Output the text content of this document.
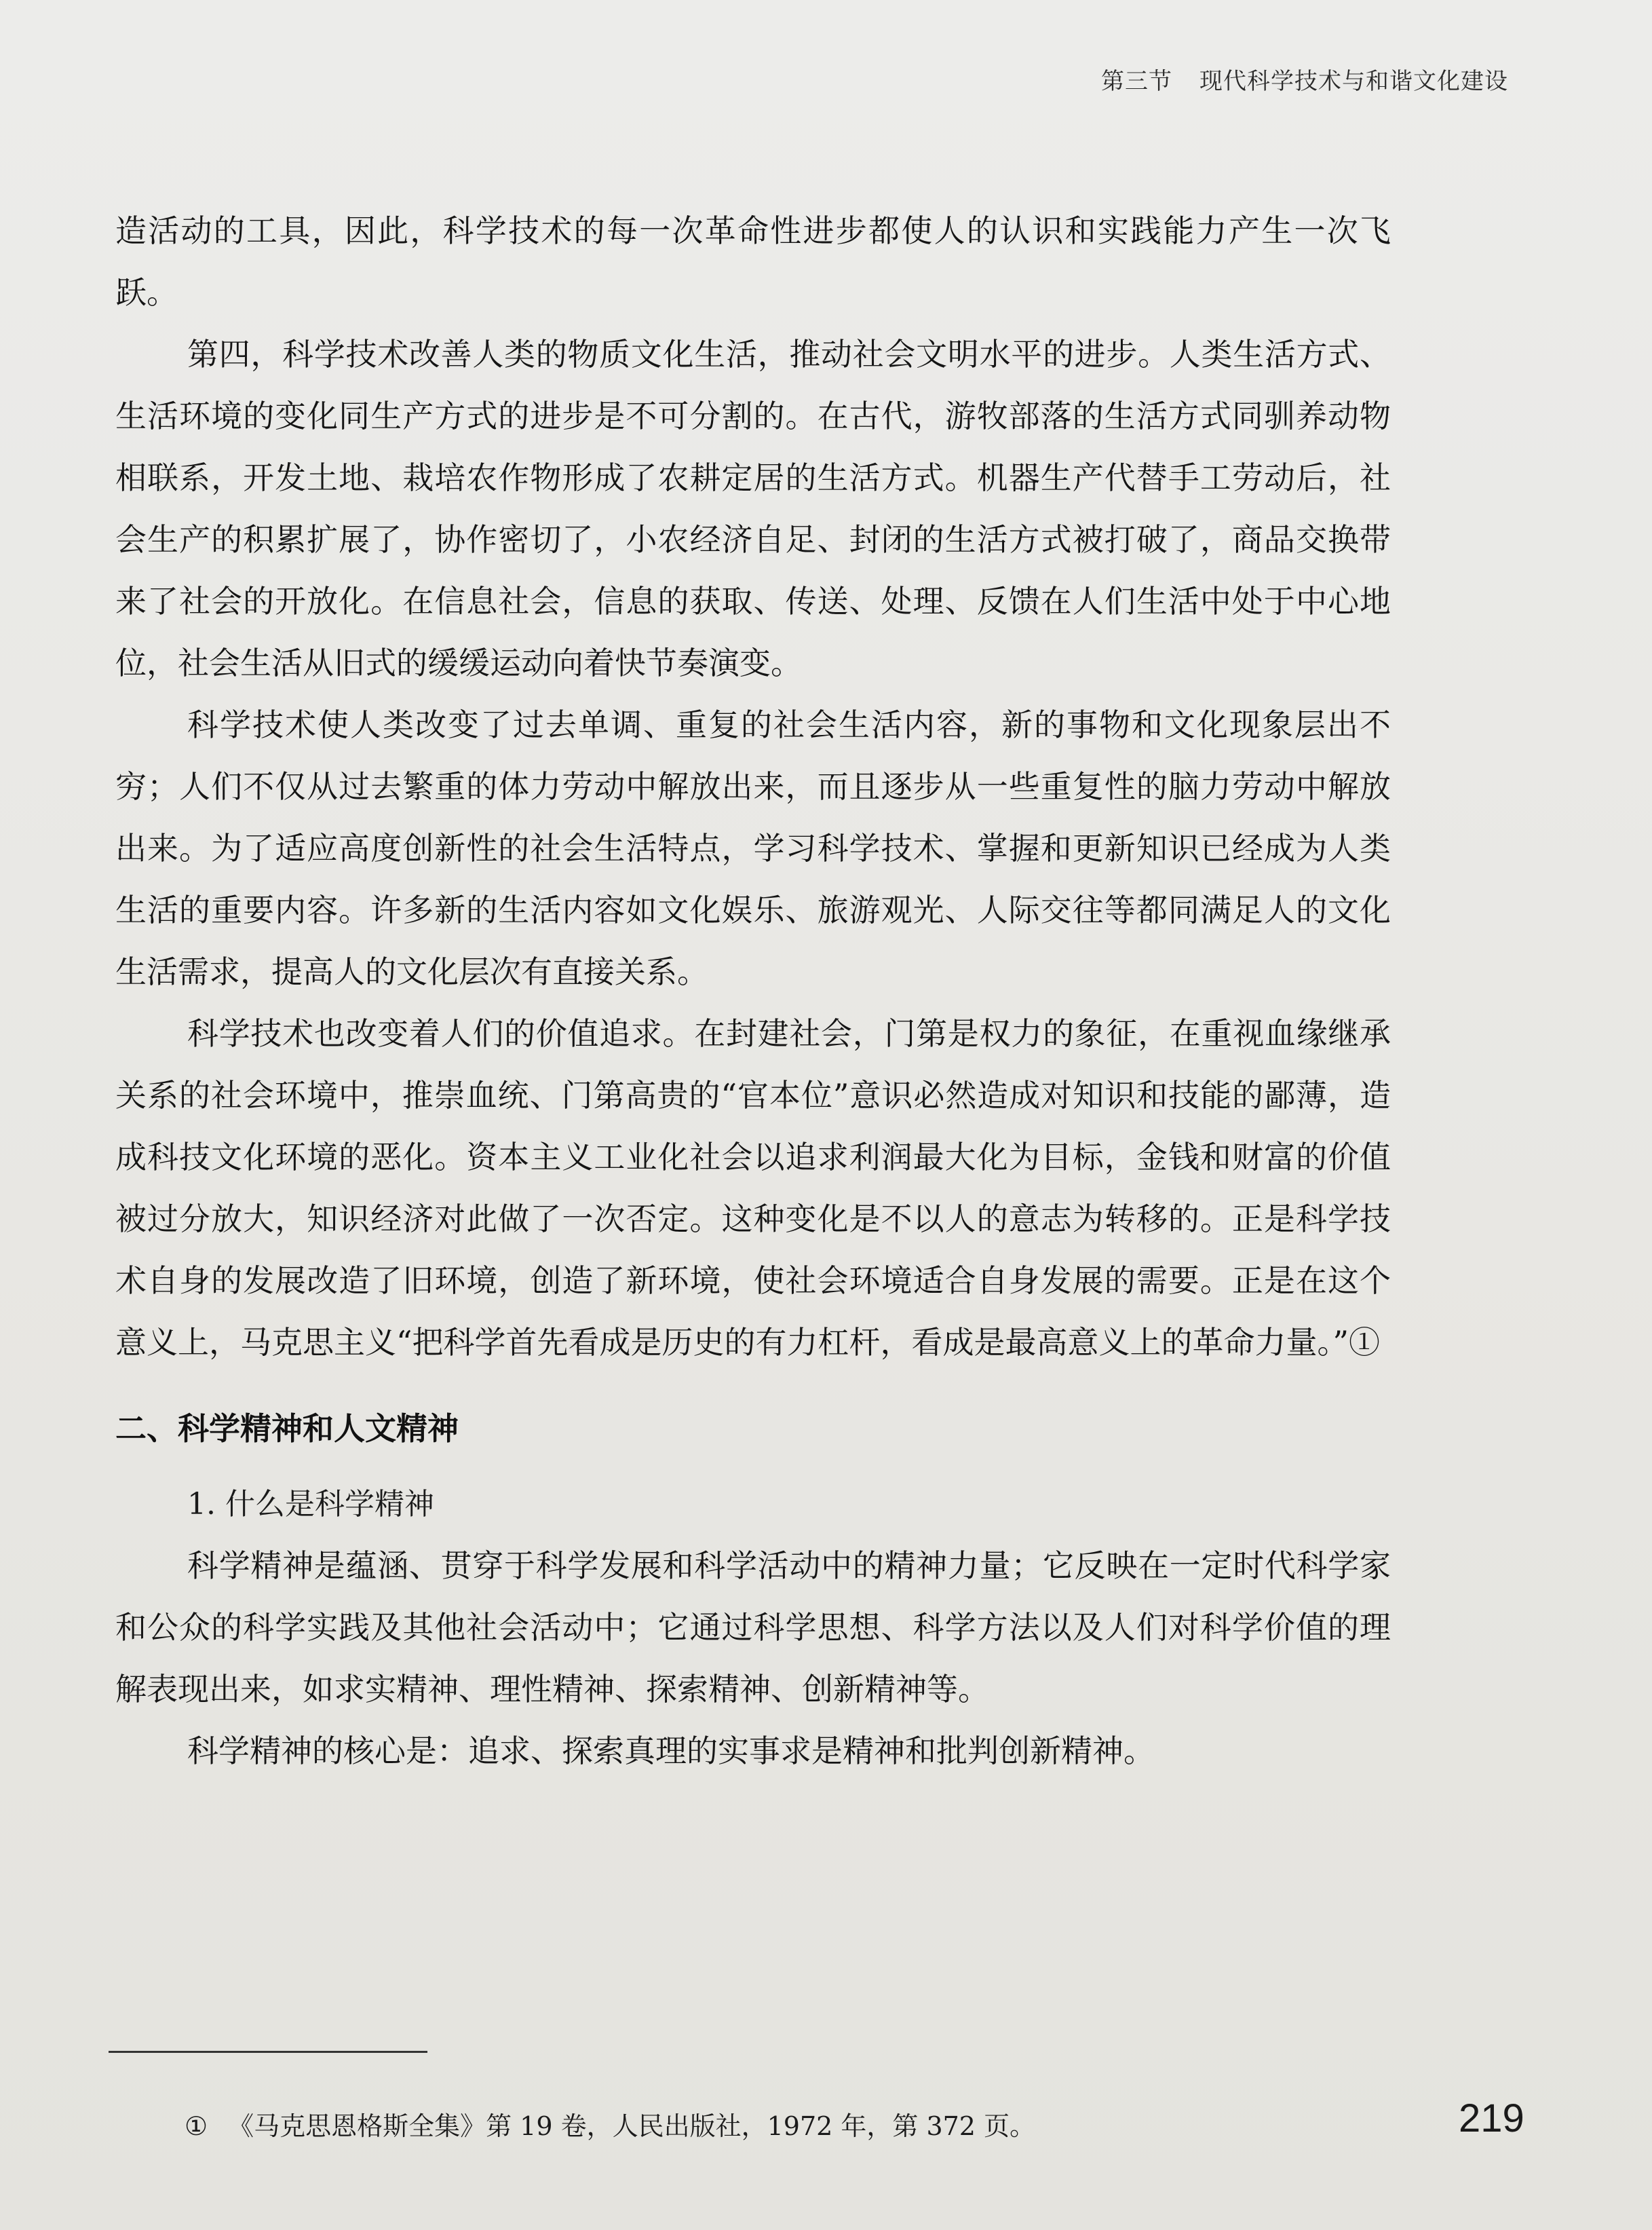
第三节 现代科学技术与和谐文化建设

造活动的工具，因此，科学技术的每一次革命性进步都使人的认识和实践能力产生一次飞跃。

第四，科学技术改善人类的物质文化生活，推动社会文明水平的进步。人类生活方式、生活环境的变化同生产方式的进步是不可分割的。在古代，游牧部落的生活方式同驯养动物相联系，开发土地、栽培农作物形成了农耕定居的生活方式。机器生产代替手工劳动后，社会生产的积累扩展了，协作密切了，小农经济自足、封闭的生活方式被打破了，商品交换带来了社会的开放化。在信息社会，信息的获取、传送、处理、反馈在人们生活中处于中心地位，社会生活从旧式的缓缓运动向着快节奏演变。

科学技术使人类改变了过去单调、重复的社会生活内容，新的事物和文化现象层出不穷；人们不仅从过去繁重的体力劳动中解放出来，而且逐步从一些重复性的脑力劳动中解放出来。为了适应高度创新性的社会生活特点，学习科学技术、掌握和更新知识已经成为人类生活的重要内容。许多新的生活内容如文化娱乐、旅游观光、人际交往等都同满足人的文化生活需求，提高人的文化层次有直接关系。

科学技术也改变着人们的价值追求。在封建社会，门第是权力的象征，在重视血缘继承关系的社会环境中，推崇血统、门第高贵的“官本位”意识必然造成对知识和技能的鄙薄，造成科技文化环境的恶化。资本主义工业化社会以追求利润最大化为目标，金钱和财富的价值被过分放大，知识经济对此做了一次否定。这种变化是不以人的意志为转移的。正是科学技术自身的发展改造了旧环境，创造了新环境，使社会环境适合自身发展的需要。正是在这个意义上，马克思主义“把科学首先看成是历史的有力杠杆，看成是最高意义上的革命力量。”①

二、科学精神和人文精神
1. 什么是科学精神

科学精神是蕴涵、贯穿于科学发展和科学活动中的精神力量；它反映在一定时代科学家和公众的科学实践及其他社会活动中；它通过科学思想、科学方法以及人们对科学价值的理解表现出来，如求实精神、理性精神、探索精神、创新精神等。

科学精神的核心是：追求、探索真理的实事求是精神和批判创新精神。

① 《马克思恩格斯全集》第 19 卷，人民出版社，1972 年，第 372 页。	219
